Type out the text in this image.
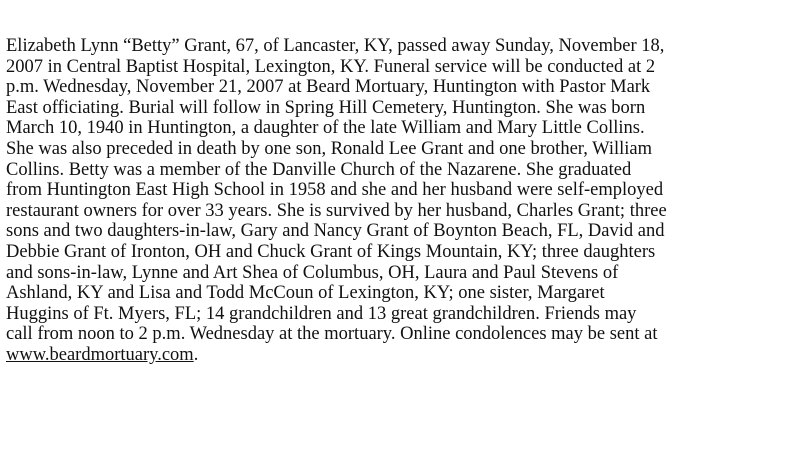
Elizabeth Lynn “Betty” Grant, 67, of Lancaster, KY, passed away Sunday, November 18,
2007 in Central Baptist Hospital, Lexington, KY. Funeral service will be conducted at 2
p.m. Wednesday, November 21, 2007 at Beard Mortuary, Huntington with Pastor Mark
East officiating. Burial will follow in Spring Hill Cemetery, Huntington. She was born
March 10, 1940 in Huntington, a daughter of the late William and Mary Little Collins.
She was also preceded in death by one son, Ronald Lee Grant and one brother, William
Collins. Betty was a member of the Danville Church of the Nazarene. She graduated
from Huntington East High School in 1958 and she and her husband were self-employed
restaurant owners for over 33 years. She is survived by her husband, Charles Grant; three
sons and two daughters-in-law, Gary and Nancy Grant of Boynton Beach, FL, David and
Debbie Grant of Ironton, OH and Chuck Grant of Kings Mountain, KY; three daughters
and sons-in-law, Lynne and Art Shea of Columbus, OH, Laura and Paul Stevens of
Ashland, KY and Lisa and Todd McCoun of Lexington, KY; one sister, Margaret
Huggins of Ft. Myers, FL; 14 grandchildren and 13 great grandchildren. Friends may
call from noon to 2 p.m. Wednesday at the mortuary. Online condolences may be sent at
www.beardmortuary.com.
